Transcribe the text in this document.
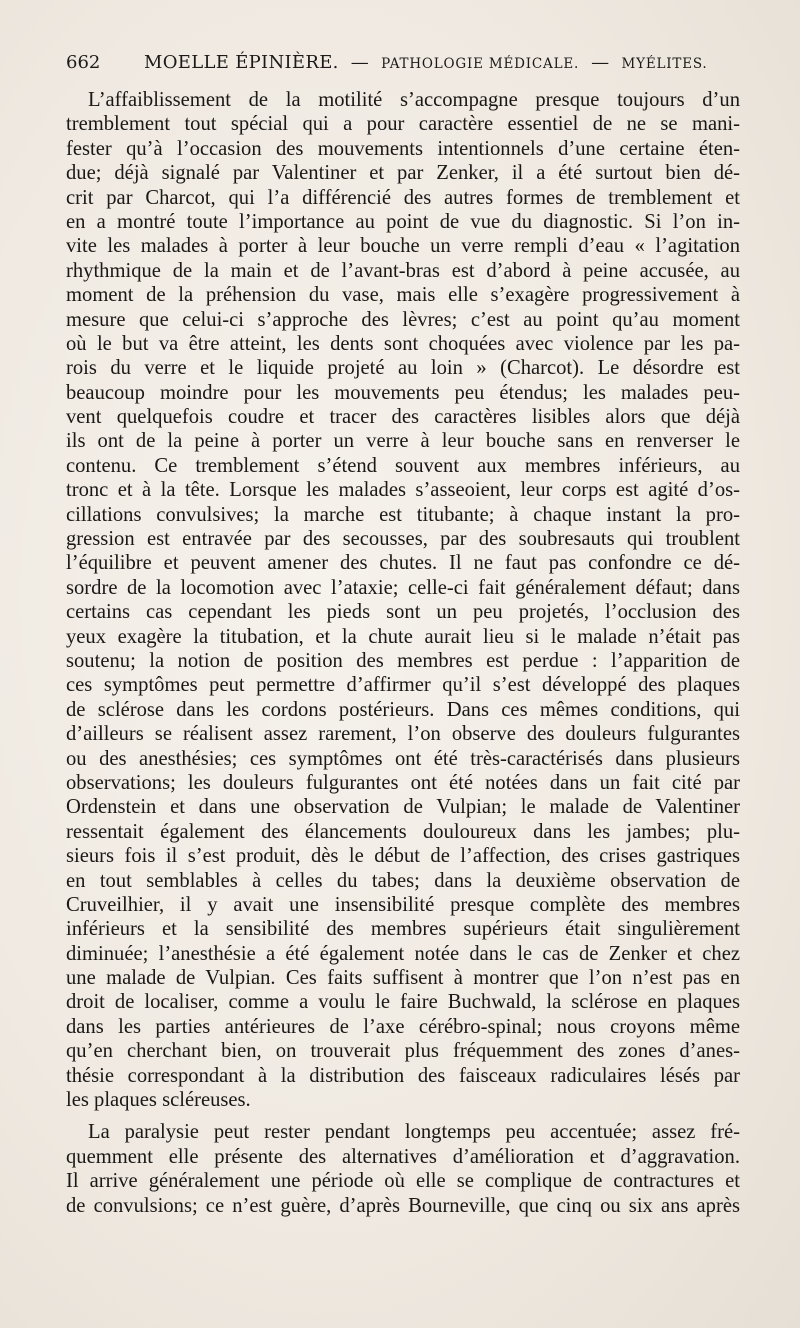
662 MOELLE ÉPINIÈRE. — PATHOLOGIE MÉDICALE. — MYÉLITES.
L’affaiblissement de la motilité s’accompagne presque toujours d’un
tremblement tout spécial qui a pour caractère essentiel de ne se mani-
fester qu’à l’occasion des mouvements intentionnels d’une certaine éten-
due; déjà signalé par Valentiner et par Zenker, il a été surtout bien dé-
crit par Charcot, qui l’a différencié des autres formes de tremblement et
en a montré toute l’importance au point de vue du diagnostic. Si l’on in-
vite les malades à porter à leur bouche un verre rempli d’eau « l’agitation
rhythmique de la main et de l’avant-bras est d’abord à peine accusée, au
moment de la préhension du vase, mais elle s’exagère progressivement à
mesure que celui-ci s’approche des lèvres; c’est au point qu’au moment
où le but va être atteint, les dents sont choquées avec violence par les pa-
rois du verre et le liquide projeté au loin » (Charcot). Le désordre est
beaucoup moindre pour les mouvements peu étendus; les malades peu-
vent quelquefois coudre et tracer des caractères lisibles alors que déjà
ils ont de la peine à porter un verre à leur bouche sans en renverser le
contenu. Ce tremblement s’étend souvent aux membres inférieurs, au
tronc et à la tête. Lorsque les malades s’asseoient, leur corps est agité d’os-
cillations convulsives; la marche est titubante; à chaque instant la pro-
gression est entravée par des secousses, par des soubresauts qui troublent
l’équilibre et peuvent amener des chutes. Il ne faut pas confondre ce dé-
sordre de la locomotion avec l’ataxie; celle-ci fait généralement défaut; dans
certains cas cependant les pieds sont un peu projetés, l’occlusion des
yeux exagère la titubation, et la chute aurait lieu si le malade n’était pas
soutenu; la notion de position des membres est perdue : l’apparition de
ces symptômes peut permettre d’affirmer qu’il s’est développé des plaques
de sclérose dans les cordons postérieurs. Dans ces mêmes conditions, qui
d’ailleurs se réalisent assez rarement, l’on observe des douleurs fulgurantes
ou des anesthésies; ces symptômes ont été très-caractérisés dans plusieurs
observations; les douleurs fulgurantes ont été notées dans un fait cité par
Ordenstein et dans une observation de Vulpian; le malade de Valentiner
ressentait également des élancements douloureux dans les jambes; plu-
sieurs fois il s’est produit, dès le début de l’affection, des crises gastriques
en tout semblables à celles du tabes; dans la deuxième observation de
Cruveilhier, il y avait une insensibilité presque complète des membres
inférieurs et la sensibilité des membres supérieurs était singulièrement
diminuée; l’anesthésie a été également notée dans le cas de Zenker et chez
une malade de Vulpian. Ces faits suffisent à montrer que l’on n’est pas en
droit de localiser, comme a voulu le faire Buchwald, la sclérose en plaques
dans les parties antérieures de l’axe cérébro-spinal; nous croyons même
qu’en cherchant bien, on trouverait plus fréquemment des zones d’anes-
thésie correspondant à la distribution des faisceaux radiculaires lésés par
les plaques scléreuses.
La paralysie peut rester pendant longtemps peu accentuée; assez fré-
quemment elle présente des alternatives d’amélioration et d’aggravation.
Il arrive généralement une période où elle se complique de contractures et
de convulsions; ce n’est guère, d’après Bourneville, que cinq ou six ans après
